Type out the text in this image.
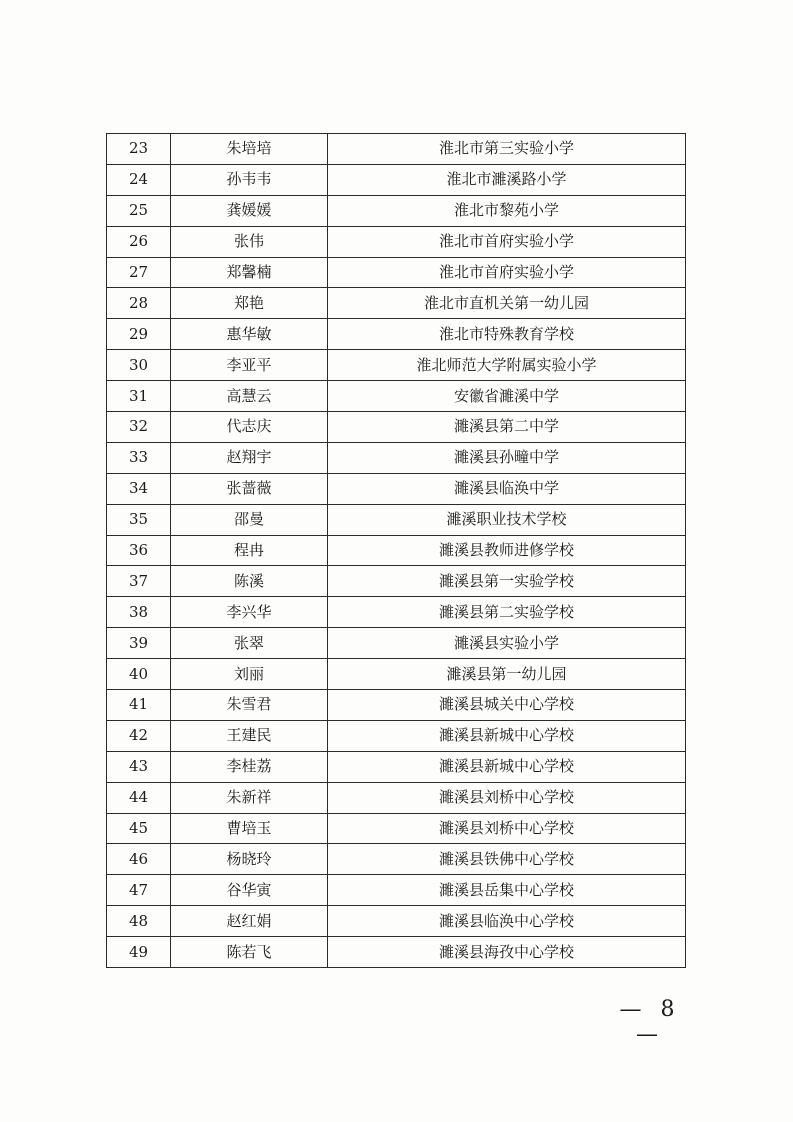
23	朱培培	淮北市第三实验小学
24	孙韦韦	淮北市濉溪路小学
25	龚媛媛	淮北市黎苑小学
26	张伟	淮北市首府实验小学
27	郑馨楠	淮北市首府实验小学
28	郑艳	淮北市直机关第一幼儿园
29	惠华敏	淮北市特殊教育学校
30	李亚平	淮北师范大学附属实验小学
31	高慧云	安徽省濉溪中学
32	代志庆	濉溪县第二中学
33	赵翔宇	濉溪县孙疃中学
34	张蔷薇	濉溪县临涣中学
35	邵曼	濉溪职业技术学校
36	程冉	濉溪县教师进修学校
37	陈溪	濉溪县第一实验学校
38	李兴华	濉溪县第二实验学校
39	张翠	濉溪县实验小学
40	刘丽	濉溪县第一幼儿园
41	朱雪君	濉溪县城关中心学校
42	王建民	濉溪县新城中心学校
43	李桂荔	濉溪县新城中心学校
44	朱新祥	濉溪县刘桥中心学校
45	曹培玉	濉溪县刘桥中心学校
46	杨晓玲	濉溪县铁佛中心学校
47	谷华寅	濉溪县岳集中心学校
48	赵红娟	濉溪县临涣中心学校
49	陈若飞	濉溪县海孜中心学校
— 8 —
